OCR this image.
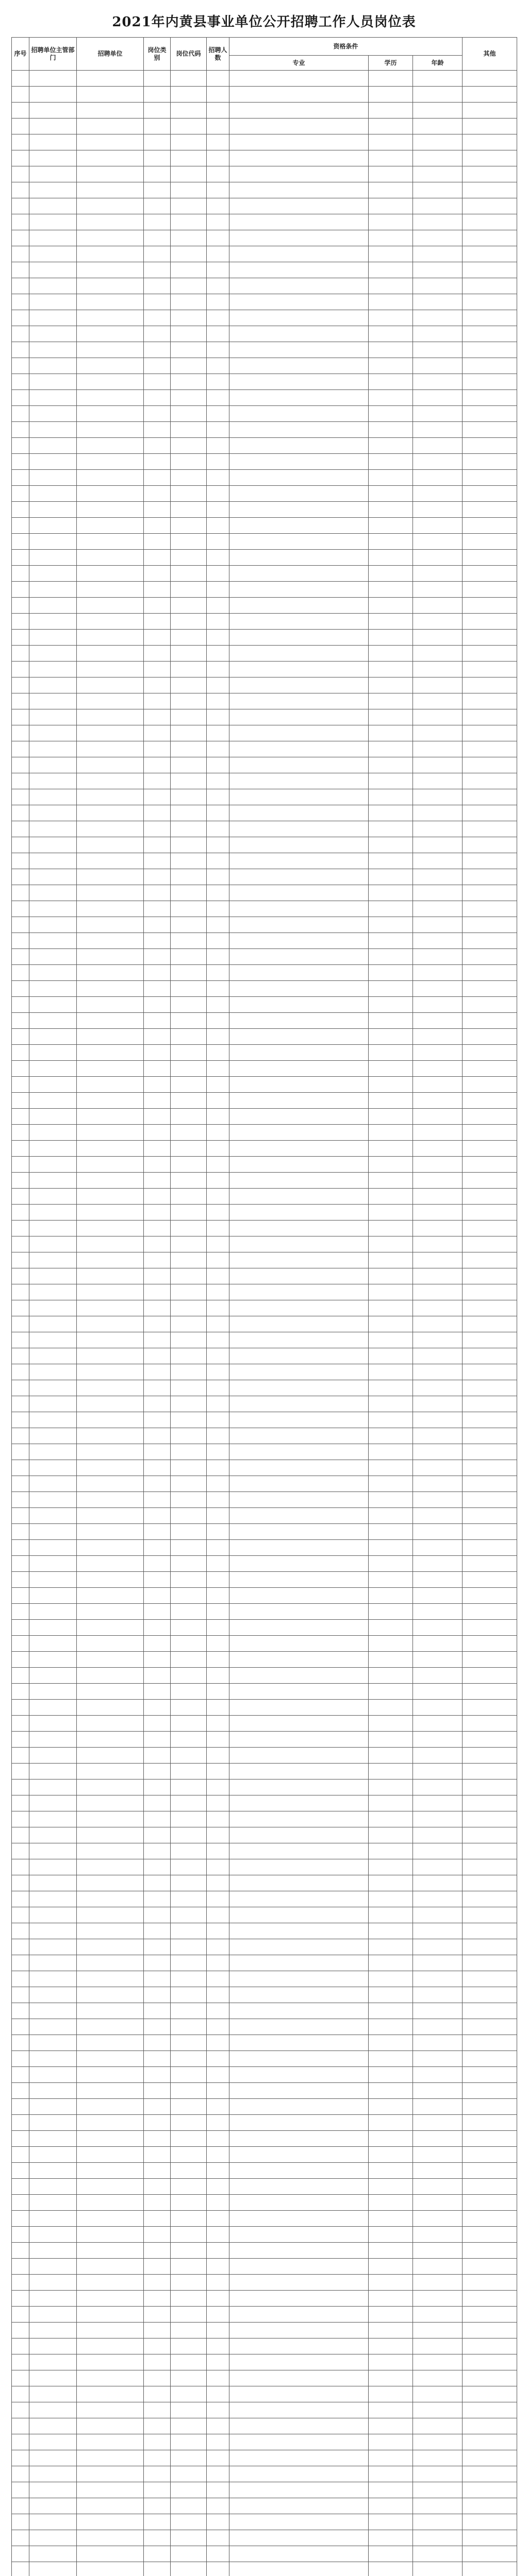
2021年内黄县事业单位公开招聘工作人员岗位表
序号	招聘单位主管部门	招聘单位	岗位类别	岗位代码	招聘人数	资格条件			其他
						专业	学历	年龄	
